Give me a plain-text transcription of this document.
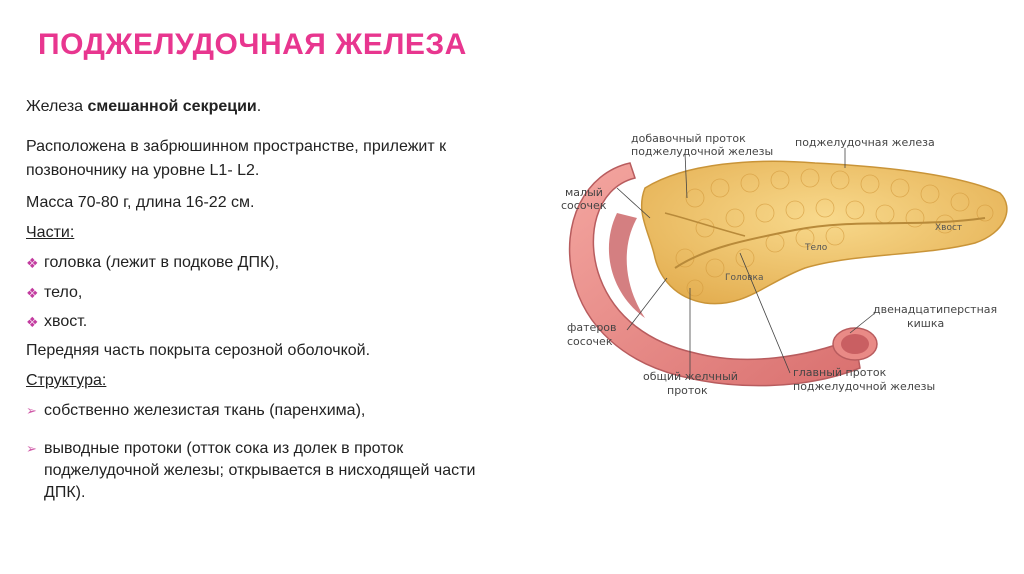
ПОДЖЕЛУДОЧНАЯ ЖЕЛЕЗА
Железа смешанной секреции.
Расположена в забрюшинном пространстве, прилежит к
позвоночнику на уровне L1- L2.
Масса 70-80 г, длина 16-22 см.
Части:
❖ головка (лежит в подкове ДПК),
❖ тело,
❖ хвост.
Передняя часть покрыта серозной оболочкой.
Структура:
➢ собственно железистая ткань (паренхима),
➢ выводные протоки (отток сока из долек в проток
поджелудочной железы; открывается в нисходящей части
ДПК).
Хвост
Тело
Головка
добавочный проток
поджелудочной железы
поджелудочная железа
малый
сосочек
фатеров
сосочек
общий желчный
проток
главный проток
поджелудочной железы
двенадцатиперстная
кишка
